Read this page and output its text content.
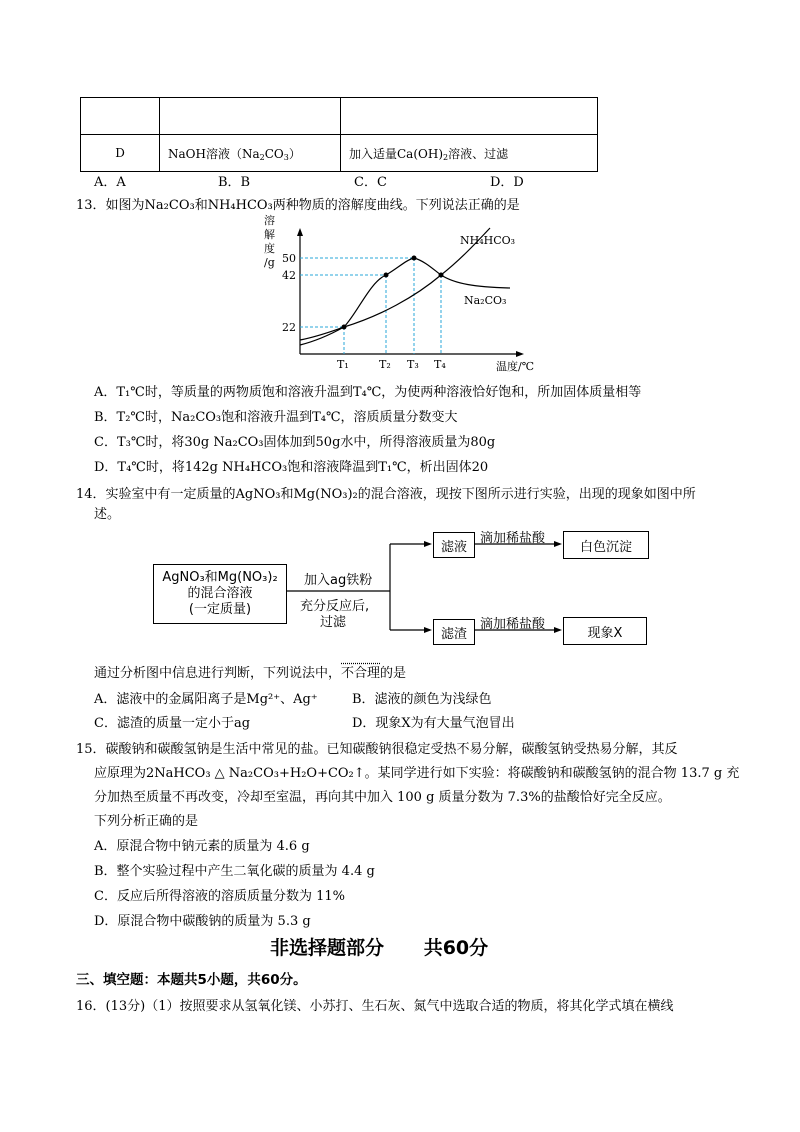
D	NaOH溶液$(Na_2CO_3)$	加入适量$Ca(OH)_2$溶液、过滤
A．A	B．B	C．C	D．D
13．如图为Na₂CO₃和NH₄HCO₃两种物质的溶解度曲线。下列说法正确的是
溶
解
度
/g 50
42
22
T₁	T₂ T₃ T₄	温度/℃
NH₄HCO₃
Na₂CO₃
A．T₁℃时，等质量的两物质饱和溶液升温到T₄℃，为使两种溶液恰好饱和，所加固体质量相等
B．T₂℃时，Na₂CO₃饱和溶液升温到T₄℃，溶质质量分数变大
C．T₃℃时，将30g Na₂CO₃固体加到50g水中，所得溶液质量为80g
D．T₄℃时，将142g NH₄HCO₃饱和溶液降温到T₁℃，析出固体20
14．实验室中有一定质量的AgNO₃和Mg(NO₃)₂的混合溶液，现按下图所示进行实验，出现的现象如图中所
述。
AgNO₃和Mg(NO₃)₂
的混合溶液
(一定质量)
加入ag铁粉
充分反应后,
过滤
滤液
滤渣
滴加稀盐酸
滴加稀盐酸
白色沉淀
现象X
通过分析图中信息进行判断，下列说法中，不合理的是
A．滤液中的金属阳离子是Mg²⁺、Ag⁺	B．滤液的颜色为浅绿色
C．滤渣的质量一定小于ag	D．现象X为有大量气泡冒出
15．碳酸钠和碳酸氢钠是生活中常见的盐。已知碳酸钠很稳定受热不易分解，碳酸氢钠受热易分解，其反
应原理为2NaHCO₃ △ Na₂CO₃+H₂O+CO₂↑。某同学进行如下实验：将碳酸钠和碳酸氢钠的混合物 13.7 g 充
分加热至质量不再改变，冷却至室温，再向其中加入 100 g 质量分数为 7.3%的盐酸恰好完全反应。
下列分析正确的是
A．原混合物中钠元素的质量为 4.6 g
B．整个实验过程中产生二氧化碳的质量为 4.4 g
C．反应后所得溶液的溶质质量分数为 11%
D．原混合物中碳酸钠的质量为 5.3 g
非选择题部分      共60分
三、填空题：本题共5小题，共60分。
16．(13分)（1）按照要求从氢氧化镁、小苏打、生石灰、氮气中选取合适的物质，将其化学式填在横线
